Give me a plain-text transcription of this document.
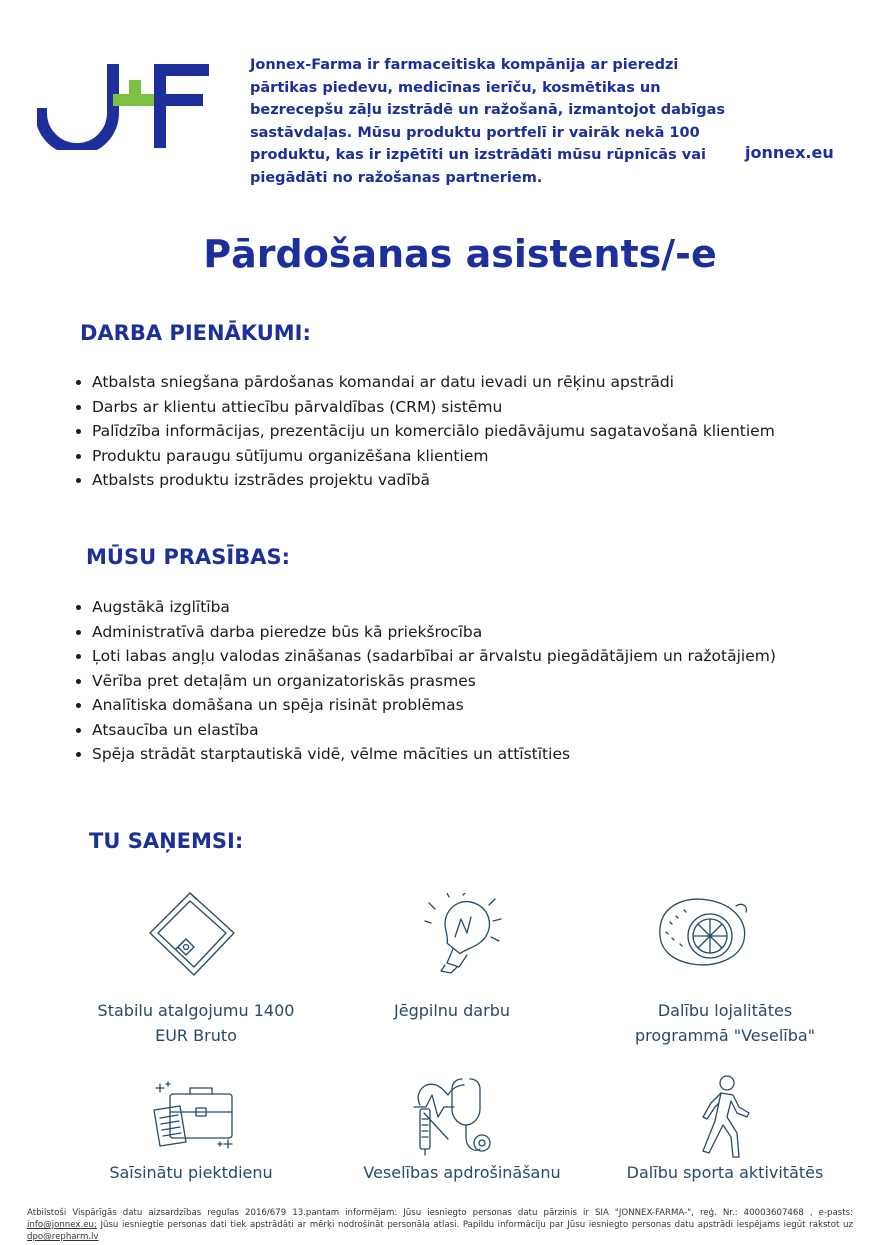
Jonnex-Farma ir farmaceitiska kompānija ar pieredzi pārtikas piedevu, medicīnas ierīču, kosmētikas un bezrecepšu zāļu izstrādē un ražošanā, izmantojot dabīgas sastāvdaļas. Mūsu produktu portfelī ir vairāk nekā 100 produktu, kas ir izpētīti un izstrādāti mūsu rūpnīcās vai piegādāti no ražošanas partneriem.
jonnex.eu
Pārdošanas asistents/-e
DARBA PIENĀKUMI:
• Atbalsta sniegšana pārdošanas komandai ar datu ievadi un rēķinu apstrādi
• Darbs ar klientu attiecību pārvaldības (CRM) sistēmu
• Palīdzība informācijas, prezentāciju un komerciālo piedāvājumu sagatavošanā klientiem
• Produktu paraugu sūtījumu organizēšana klientiem
• Atbalsts produktu izstrādes projektu vadībā
MŪSU PRASĪBAS:
• Augstākā izglītība
• Administratīvā darba pieredze būs kā priekšrocība
• Ļoti labas angļu valodas zināšanas (sadarbībai ar ārvalstu piegādātājiem un ražotājiem)
• Vērība pret detaļām un organizatoriskās prasmes
• Analītiska domāšana un spēja risināt problēmas
• Atsaucība un elastība
• Spēja strādāt starptautiskā vidē, vēlme mācīties un attīstīties
TU SAŅEMSI:
Stabilu atalgojumu 1400
EUR Bruto
Jēgpilnu darbu	Dalību lojalitātes
programmā "Veselība"
Saīsinātu piektdienu	Veselības apdrošināšanu	Dalību sporta aktivitātēs
Atbilstoši Vispārīgās datu aizsardzības regulas 2016/679 13.pantam informējam: Jūsu iesniegto personas datu pārzinis ir SIA "JONNEX-FARMA-", reģ. Nr.: 40003607468 , e-pasts: info@jonnex.eu; Jūsu iesniegtie personas dati tiek apstrādāti ar mērķi nodrošināt personāla atlasi. Papildu informāciju par Jūsu iesniegto personas datu apstrādi iespējams iegūt rakstot uz dpo@repharm.lv
